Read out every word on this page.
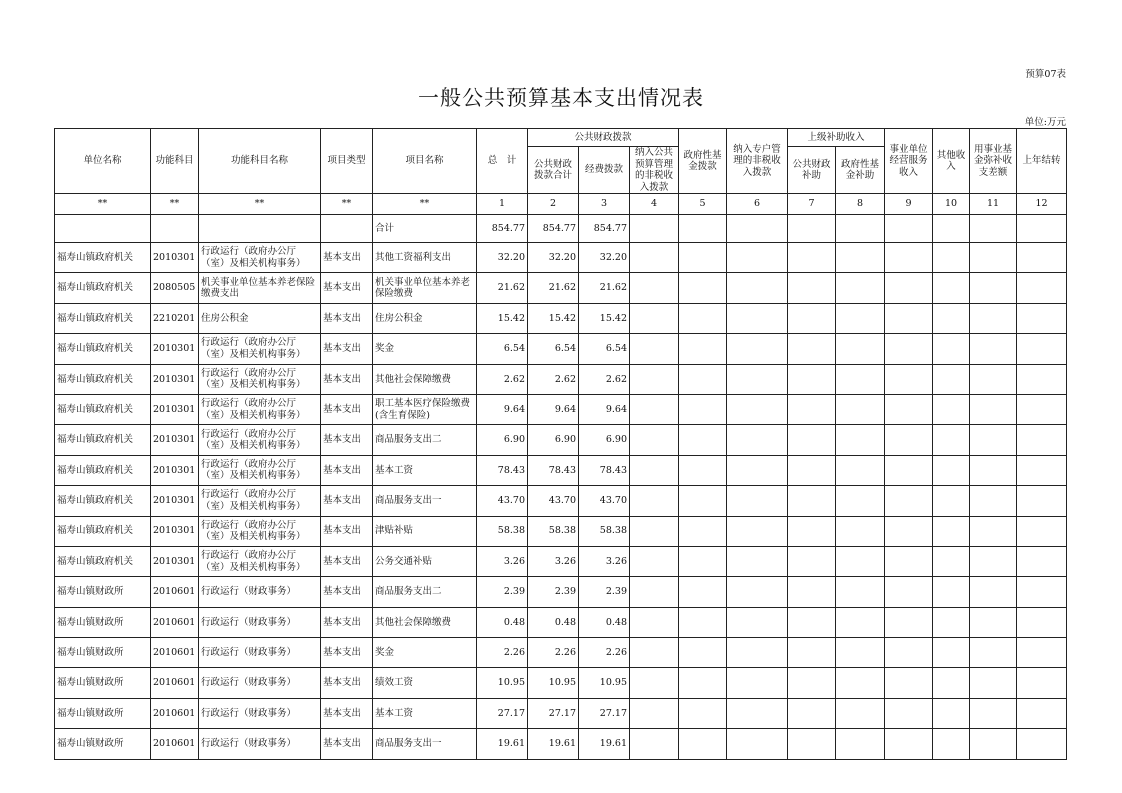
预算07表
一般公共预算基本支出情况表
单位:万元
单位名称	功能科目	功能科目名称	项目类型	项目名称	总　计	公共财政拨款			政府性基金拨款	纳入专户管理的非税收入拨款	上级补助收入		事业单位经营服务收入	其他收入	用事业基金弥补收支差额	上年结转
						公共财政拨款合计	经费拨款	纳入公共预算管理的非税收入拨款			公共财政补助	政府性基金补助				
**	**	**	**	**	1	2	3	4	5	6	7	8	9	10	11	12
				合计	854.77	854.77	854.77									
福寿山镇政府机关	2010301	行政运行（政府办公厅（室）及相关机构事务）	基本支出	其他工资福利支出	32.20	32.20	32.20									
福寿山镇政府机关	2080505	机关事业单位基本养老保险缴费支出	基本支出	机关事业单位基本养老保险缴费	21.62	21.62	21.62									
福寿山镇政府机关	2210201	住房公积金	基本支出	住房公积金	15.42	15.42	15.42									
福寿山镇政府机关	2010301	行政运行（政府办公厅（室）及相关机构事务）	基本支出	奖金	6.54	6.54	6.54									
福寿山镇政府机关	2010301	行政运行（政府办公厅（室）及相关机构事务）	基本支出	其他社会保障缴费	2.62	2.62	2.62									
福寿山镇政府机关	2010301	行政运行（政府办公厅（室）及相关机构事务）	基本支出	职工基本医疗保险缴费(含生育保险)	9.64	9.64	9.64									
福寿山镇政府机关	2010301	行政运行（政府办公厅（室）及相关机构事务）	基本支出	商品服务支出二	6.90	6.90	6.90									
福寿山镇政府机关	2010301	行政运行（政府办公厅（室）及相关机构事务）	基本支出	基本工资	78.43	78.43	78.43									
福寿山镇政府机关	2010301	行政运行（政府办公厅（室）及相关机构事务）	基本支出	商品服务支出一	43.70	43.70	43.70									
福寿山镇政府机关	2010301	行政运行（政府办公厅（室）及相关机构事务）	基本支出	津贴补贴	58.38	58.38	58.38									
福寿山镇政府机关	2010301	行政运行（政府办公厅（室）及相关机构事务）	基本支出	公务交通补贴	3.26	3.26	3.26									
福寿山镇财政所	2010601	行政运行（财政事务）	基本支出	商品服务支出二	2.39	2.39	2.39									
福寿山镇财政所	2010601	行政运行（财政事务）	基本支出	其他社会保障缴费	0.48	0.48	0.48									
福寿山镇财政所	2010601	行政运行（财政事务）	基本支出	奖金	2.26	2.26	2.26									
福寿山镇财政所	2010601	行政运行（财政事务）	基本支出	绩效工资	10.95	10.95	10.95									
福寿山镇财政所	2010601	行政运行（财政事务）	基本支出	基本工资	27.17	27.17	27.17									
福寿山镇财政所	2010601	行政运行（财政事务）	基本支出	商品服务支出一	19.61	19.61	19.61									
